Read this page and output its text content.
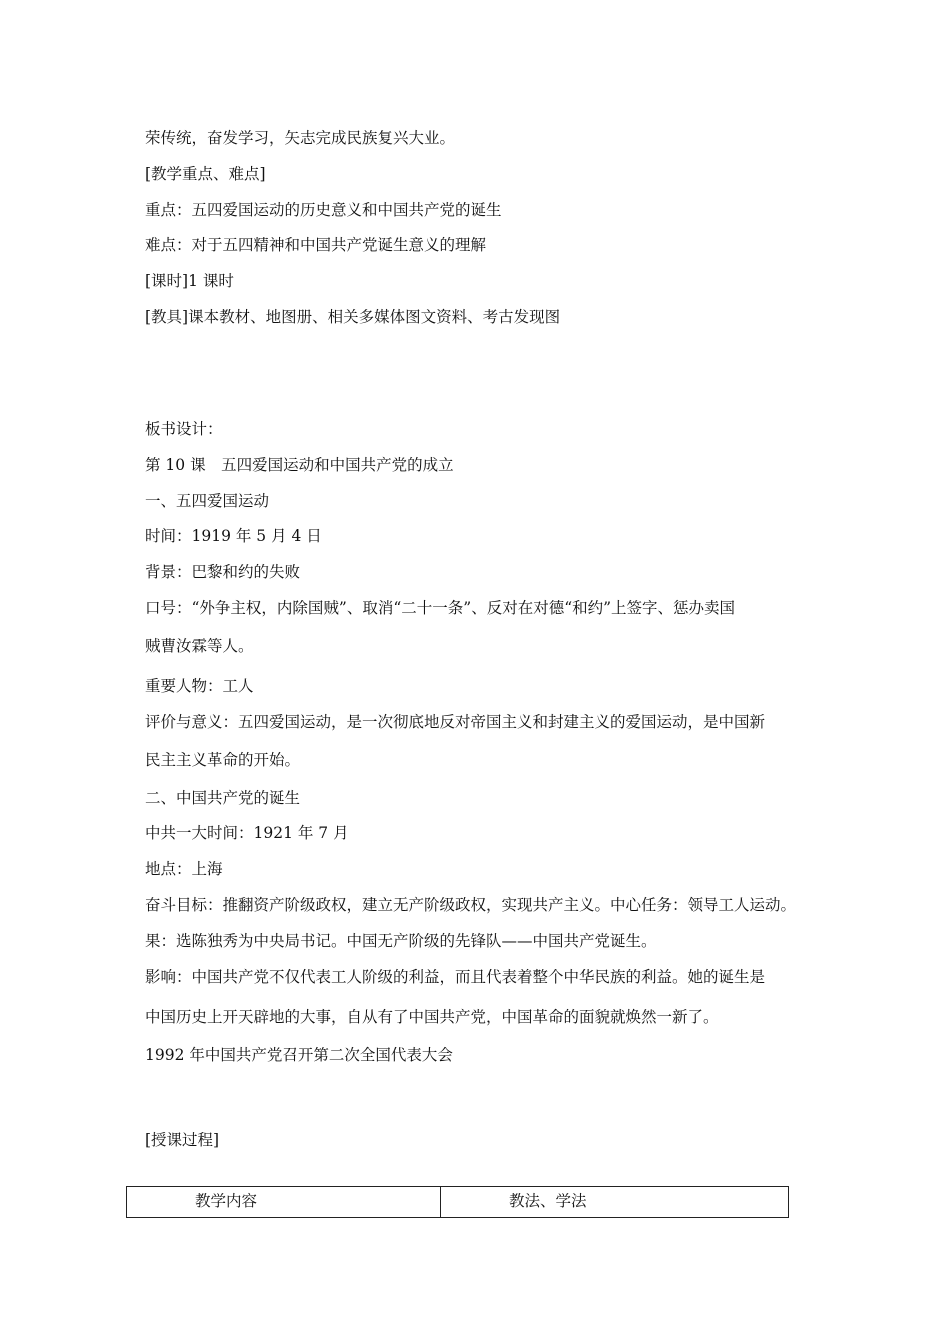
荣传统，奋发学习，矢志完成民族复兴大业。
[教学重点、难点]
重点：五四爱国运动的历史意义和中国共产党的诞生
难点：对于五四精神和中国共产党诞生意义的理解
[课时]1 课时
[教具]课本教材、地图册、相关多媒体图文资料、考古发现图
板书设计：
第 10 课　五四爱国运动和中国共产党的成立
一、五四爱国运动
时间：1919 年 5 月 4 日
背景：巴黎和约的失败
口号：“外争主权，内除国贼”、取消“二十一条”、反对在对德“和约”上签字、惩办卖国
贼曹汝霖等人。
重要人物：工人
评价与意义：五四爱国运动，是一次彻底地反对帝国主义和封建主义的爱国运动，是中国新
民主主义革命的开始。
二、中国共产党的诞生
中共一大时间：1921 年 7 月
地点：上海
奋斗目标：推翻资产阶级政权，建立无产阶级政权，实现共产主义。中心任务：领导工人运动。
果：选陈独秀为中央局书记。中国无产阶级的先锋队——中国共产党诞生。
影响：中国共产党不仅代表工人阶级的利益，而且代表着整个中华民族的利益。她的诞生是
中国历史上开天辟地的大事，自从有了中国共产党，中国革命的面貌就焕然一新了。
1992 年中国共产党召开第二次全国代表大会
[授课过程]
教学内容	教法、学法
